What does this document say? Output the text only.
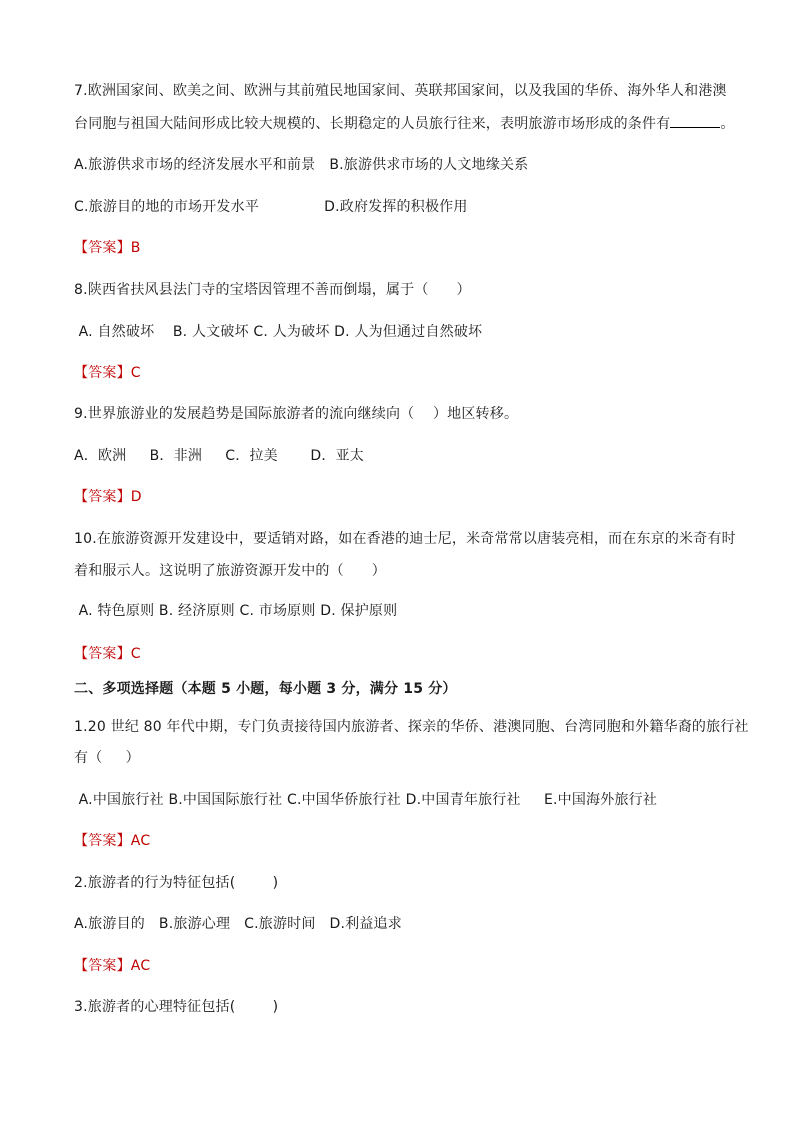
7.欧洲国家间、欧美之间、欧洲与其前殖民地国家间、英联邦国家间，以及我国的华侨、海外华人和港澳
台同胞与祖国大陆间形成比较大规模的、长期稳定的人员旅行往来，表明旅游市场形成的条件有	。
A.旅游供求市场的经济发展水平和前景   B.旅游供求市场的人文地缘关系
C.旅游目的地的市场开发水平              D.政府发挥的积极作用
【答案】B
8.陕西省扶风县法门寺的宝塔因管理不善而倒塌，属于（      ）
A. 自然破坏    B. 人文破坏 C. 人为破坏 D. 人为但通过自然破坏
【答案】C
9.世界旅游业的发展趋势是国际旅游者的流向继续向（    ）地区转移。
A．欧洲     B．非洲     C．拉美       D．亚太
【答案】D
10.在旅游资源开发建设中，要适销对路，如在香港的迪士尼，米奇常常以唐装亮相，而在东京的米奇有时
着和服示人。这说明了旅游资源开发中的（      ）
A. 特色原则 B. 经济原则 C. 市场原则 D. 保护原则
【答案】C
二、多项选择题（本题 5 小题，每小题 3 分，满分 15 分）
1.20 世纪 80 年代中期，专门负责接待国内旅游者、探亲的华侨、港澳同胞、台湾同胞和外籍华裔的旅行社
有（     ）
A.中国旅行社 B.中国国际旅行社 C.中国华侨旅行社 D.中国青年旅行社     E.中国海外旅行社
【答案】AC
2.旅游者的行为特征包括(        )
A.旅游目的   B.旅游心理   C.旅游时间   D.利益追求
【答案】AC
3.旅游者的心理特征包括(        )
